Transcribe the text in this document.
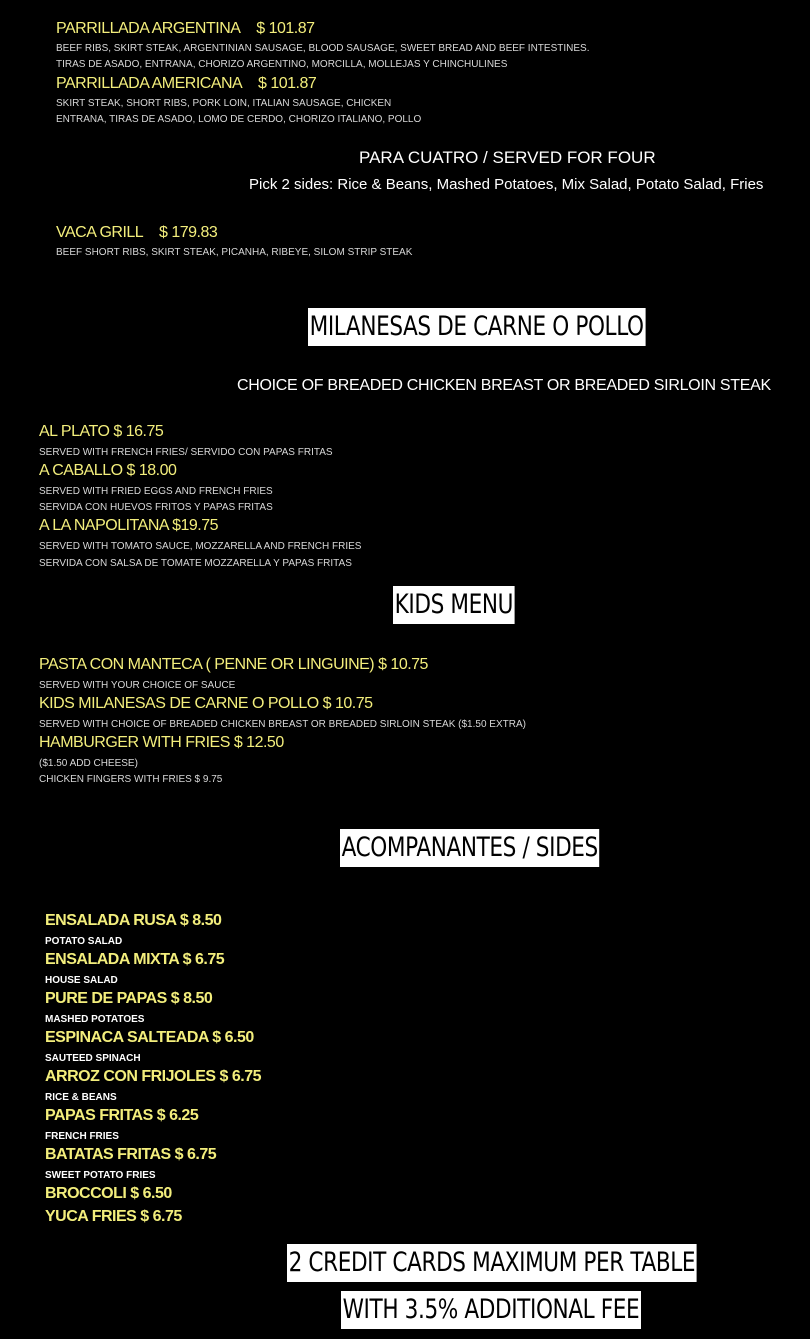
PARRILLADA ARGENTINA $ 101.87
BEEF RIBS, SKIRT STEAK, ARGENTINIAN SAUSAGE, BLOOD SAUSAGE, SWEET BREAD AND BEEF INTESTINES.
TIRAS DE ASADO, ENTRANA, CHORIZO ARGENTINO, MORCILLA, MOLLEJAS Y CHINCHULINES
PARRILLADA AMERICANA $ 101.87
SKIRT STEAK, SHORT RIBS, PORK LOIN, ITALIAN SAUSAGE, CHICKEN
ENTRANA, TIRAS DE ASADO, LOMO DE CERDO, CHORIZO ITALIANO, POLLO
PARA CUATRO / SERVED FOR FOUR
Pick 2 sides: Rice & Beans, Mashed Potatoes, Mix Salad, Potato Salad, Fries
VACA GRILL $ 179.83
BEEF SHORT RIBS, SKIRT STEAK, PICANHA, RIBEYE, SILOM STRIP STEAK
MILANESAS DE CARNE O POLLO
CHOICE OF BREADED CHICKEN BREAST OR BREADED SIRLOIN STEAK
AL PLATO $ 16.75
SERVED WITH FRENCH FRIES/ SERVIDO CON PAPAS FRITAS
A CABALLO $ 18.00
SERVED WITH FRIED EGGS AND FRENCH FRIES
SERVIDA CON HUEVOS FRITOS Y PAPAS FRITAS
A LA NAPOLITANA $19.75
SERVED WITH TOMATO SAUCE, MOZZARELLA AND FRENCH FRIES
SERVIDA CON SALSA DE TOMATE MOZZARELLA Y PAPAS FRITAS
KIDS MENU
PASTA CON MANTECA ( PENNE OR LINGUINE) $ 10.75
SERVED WITH YOUR CHOICE OF SAUCE
KIDS MILANESAS DE CARNE O POLLO $ 10.75
SERVED WITH CHOICE OF BREADED CHICKEN BREAST OR BREADED SIRLOIN STEAK ($1.50 EXTRA)
HAMBURGER WITH FRIES $ 12.50
($1.50 ADD CHEESE)
CHICKEN FINGERS WITH FRIES $ 9.75
ACOMPANANTES / SIDES
ENSALADA RUSA $ 8.50
POTATO SALAD
ENSALADA MIXTA $ 6.75
HOUSE SALAD
PURE DE PAPAS $ 8.50
MASHED POTATOES
ESPINACA SALTEADA $ 6.50
SAUTEED SPINACH
ARROZ CON FRIJOLES $ 6.75
RICE & BEANS
PAPAS FRITAS $ 6.25
FRENCH FRIES
BATATAS FRITAS $ 6.75
SWEET POTATO FRIES
BROCCOLI $ 6.50
YUCA FRIES $ 6.75
2 CREDIT CARDS MAXIMUM PER TABLE
WITH 3.5% ADDITIONAL FEE
